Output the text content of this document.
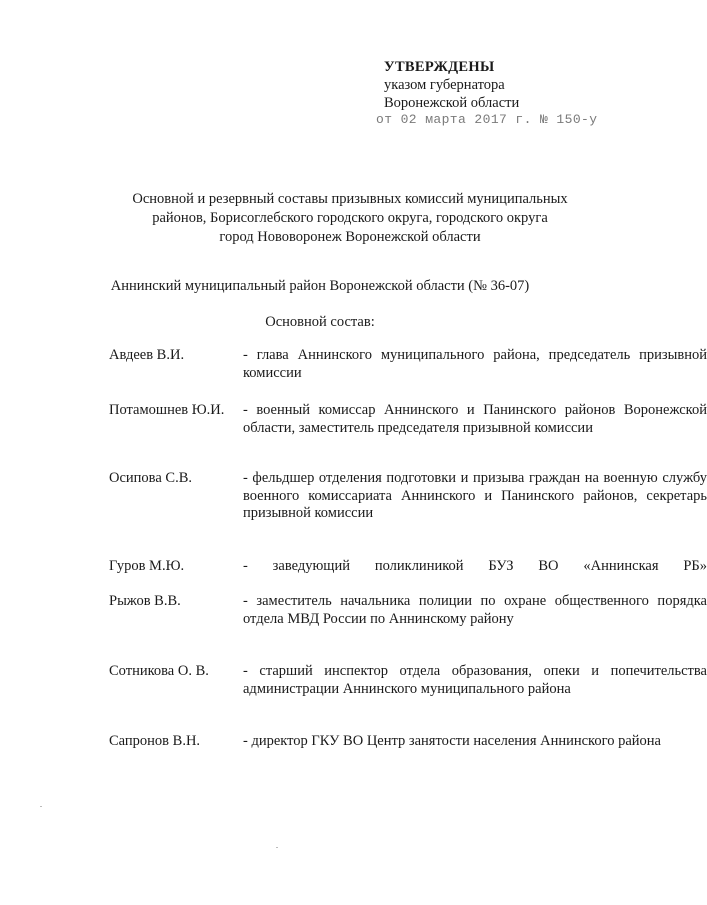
УТВЕРЖДЕНЫ
указом губернатора
Воронежской области
от 02 марта 2017 г. № 150-у
Основной и резервный составы призывных комиссий муниципальных
районов, Борисоглебского городского округа, городского округа
город Нововоронеж Воронежской области
Аннинский муниципальный район Воронежской области (№ 36-07)
Основной состав:
Авдеев В.И.	- глава Аннинского муниципального района, председатель призывной комиссии
Потамошнев Ю.И.	- военный комиссар Аннинского и Панинского районов Воронежской области, заместитель председателя призывной комиссии
Осипова С.В.	- фельдшер отделения подготовки и призыва граждан на военную службу военного комиссариата Аннинского и Панинского районов, секретарь призывной комиссии
Гуров М.Ю.	- заведующий поликлиникой БУЗ ВО «Аннинская РБ»
Рыжов В.В.	- заместитель начальника полиции по охране общественного порядка отдела МВД России по Аннинскому району
Сотникова О. В.	- старший инспектор отдела образования, опеки и попечительства администрации Аннинского муниципального района
Сапронов В.Н.	- директор ГКУ ВО Центр занятости населения Аннинского района
